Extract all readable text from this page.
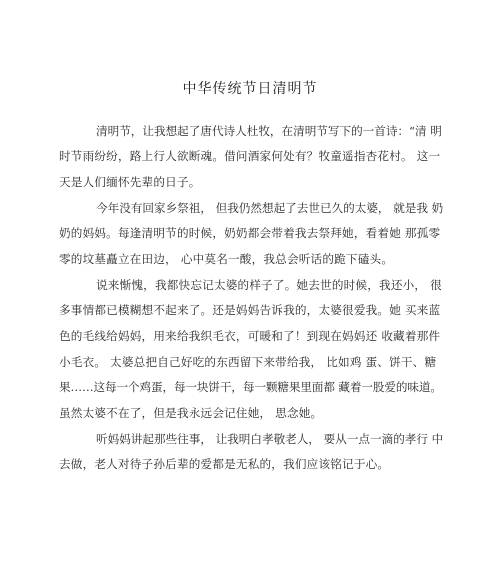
中华传统节日清明节
清明节，让我想起了唐代诗人杜牧，在清明节写下的一首诗：“清 明
时节雨纷纷，路上行人欲断魂。借问酒家何处有？牧童遥指杏花村。 这一
天是人们缅怀先辈的日子。
今年没有回家乡祭祖， 但我仍然想起了去世已久的太婆， 就是我 奶
奶的妈妈。每逢清明节的时候，奶奶都会带着我去祭拜她，看着她 那孤零
零的坟墓矗立在田边， 心中莫名一酸，我总会听话的跪下磕头。
说来惭愧，我都快忘记太婆的样子了。她去世的时候，我还小， 很
多事情都已模糊想不起来了。还是妈妈告诉我的，太婆很爱我。她 买来蓝
色的毛线给妈妈，用来给我织毛衣，可暖和了！到现在妈妈还 收藏着那件
小毛衣。 太婆总把自己好吃的东西留下来带给我， 比如鸡 蛋、饼干、糖
果……这每一个鸡蛋，每一块饼干，每一颗糖果里面都 藏着一股爱的味道。
虽然太婆不在了，但是我永远会记住她， 思念她。
听妈妈讲起那些往事， 让我明白孝敬老人， 要从一点一滴的孝行 中
去做，老人对待子孙后辈的爱都是无私的，我们应该铭记于心。
